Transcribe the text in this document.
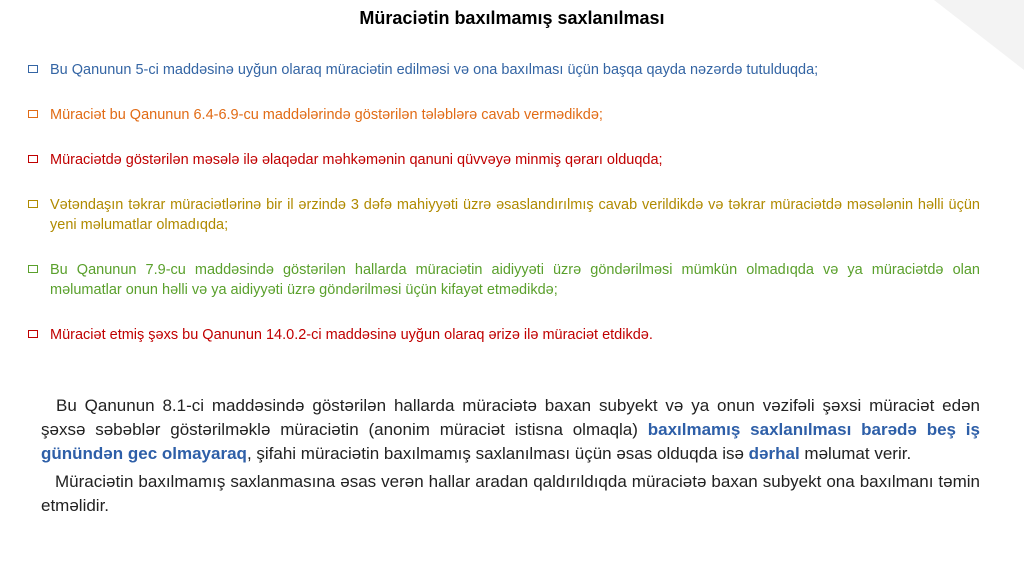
Müraciətin baxılmamış saxlanılması
Bu Qanunun 5-ci maddəsinə uyğun olaraq müraciətin edilməsi və ona baxılması üçün başqa qayda nəzərdə tutulduqda;
Müraciət bu Qanunun 6.4-6.9-cu maddələrində göstərilən tələblərə cavab vermədikdə;
Müraciətdə göstərilən məsələ ilə əlaqədar məhkəmənin qanuni qüvvəyə minmiş qərarı olduqda;
Vətəndaşın təkrar müraciətlərinə bir il ərzində 3 dəfə mahiyyəti üzrə əsaslandırılmış cavab verildikdə və təkrar müraciətdə məsələnin həlli üçün yeni məlumatlar olmadıqda;
Bu Qanunun 7.9-cu maddəsində göstərilən hallarda müraciətin aidiyyəti üzrə göndərilməsi mümkün olmadıqda və ya müraciətdə olan məlumatlar onun həlli və ya aidiyyəti üzrə göndərilməsi üçün kifayət etmədikdə;
Müraciət etmiş şəxs bu Qanunun 14.0.2-ci maddəsinə uyğun olaraq ərizə ilə müraciət etdikdə.

Bu Qanunun 8.1-ci maddəsində göstərilən hallarda müraciətə baxan subyekt və ya onun vəzifəli şəxsi müraciət edən şəxsə səbəblər göstərilməklə müraciətin (anonim müraciət istisna olmaqla) baxılmamış saxlanılması barədə beş iş günündən gec olmayaraq, şifahi müraciətin baxılmamış saxlanılması üçün əsas olduqda isə dərhal məlumat verir.

Müraciətin baxılmamış saxlanmasına əsas verən hallar aradan qaldırıldıqda müraciətə baxan subyekt ona baxılmanı təmin etməlidir.
